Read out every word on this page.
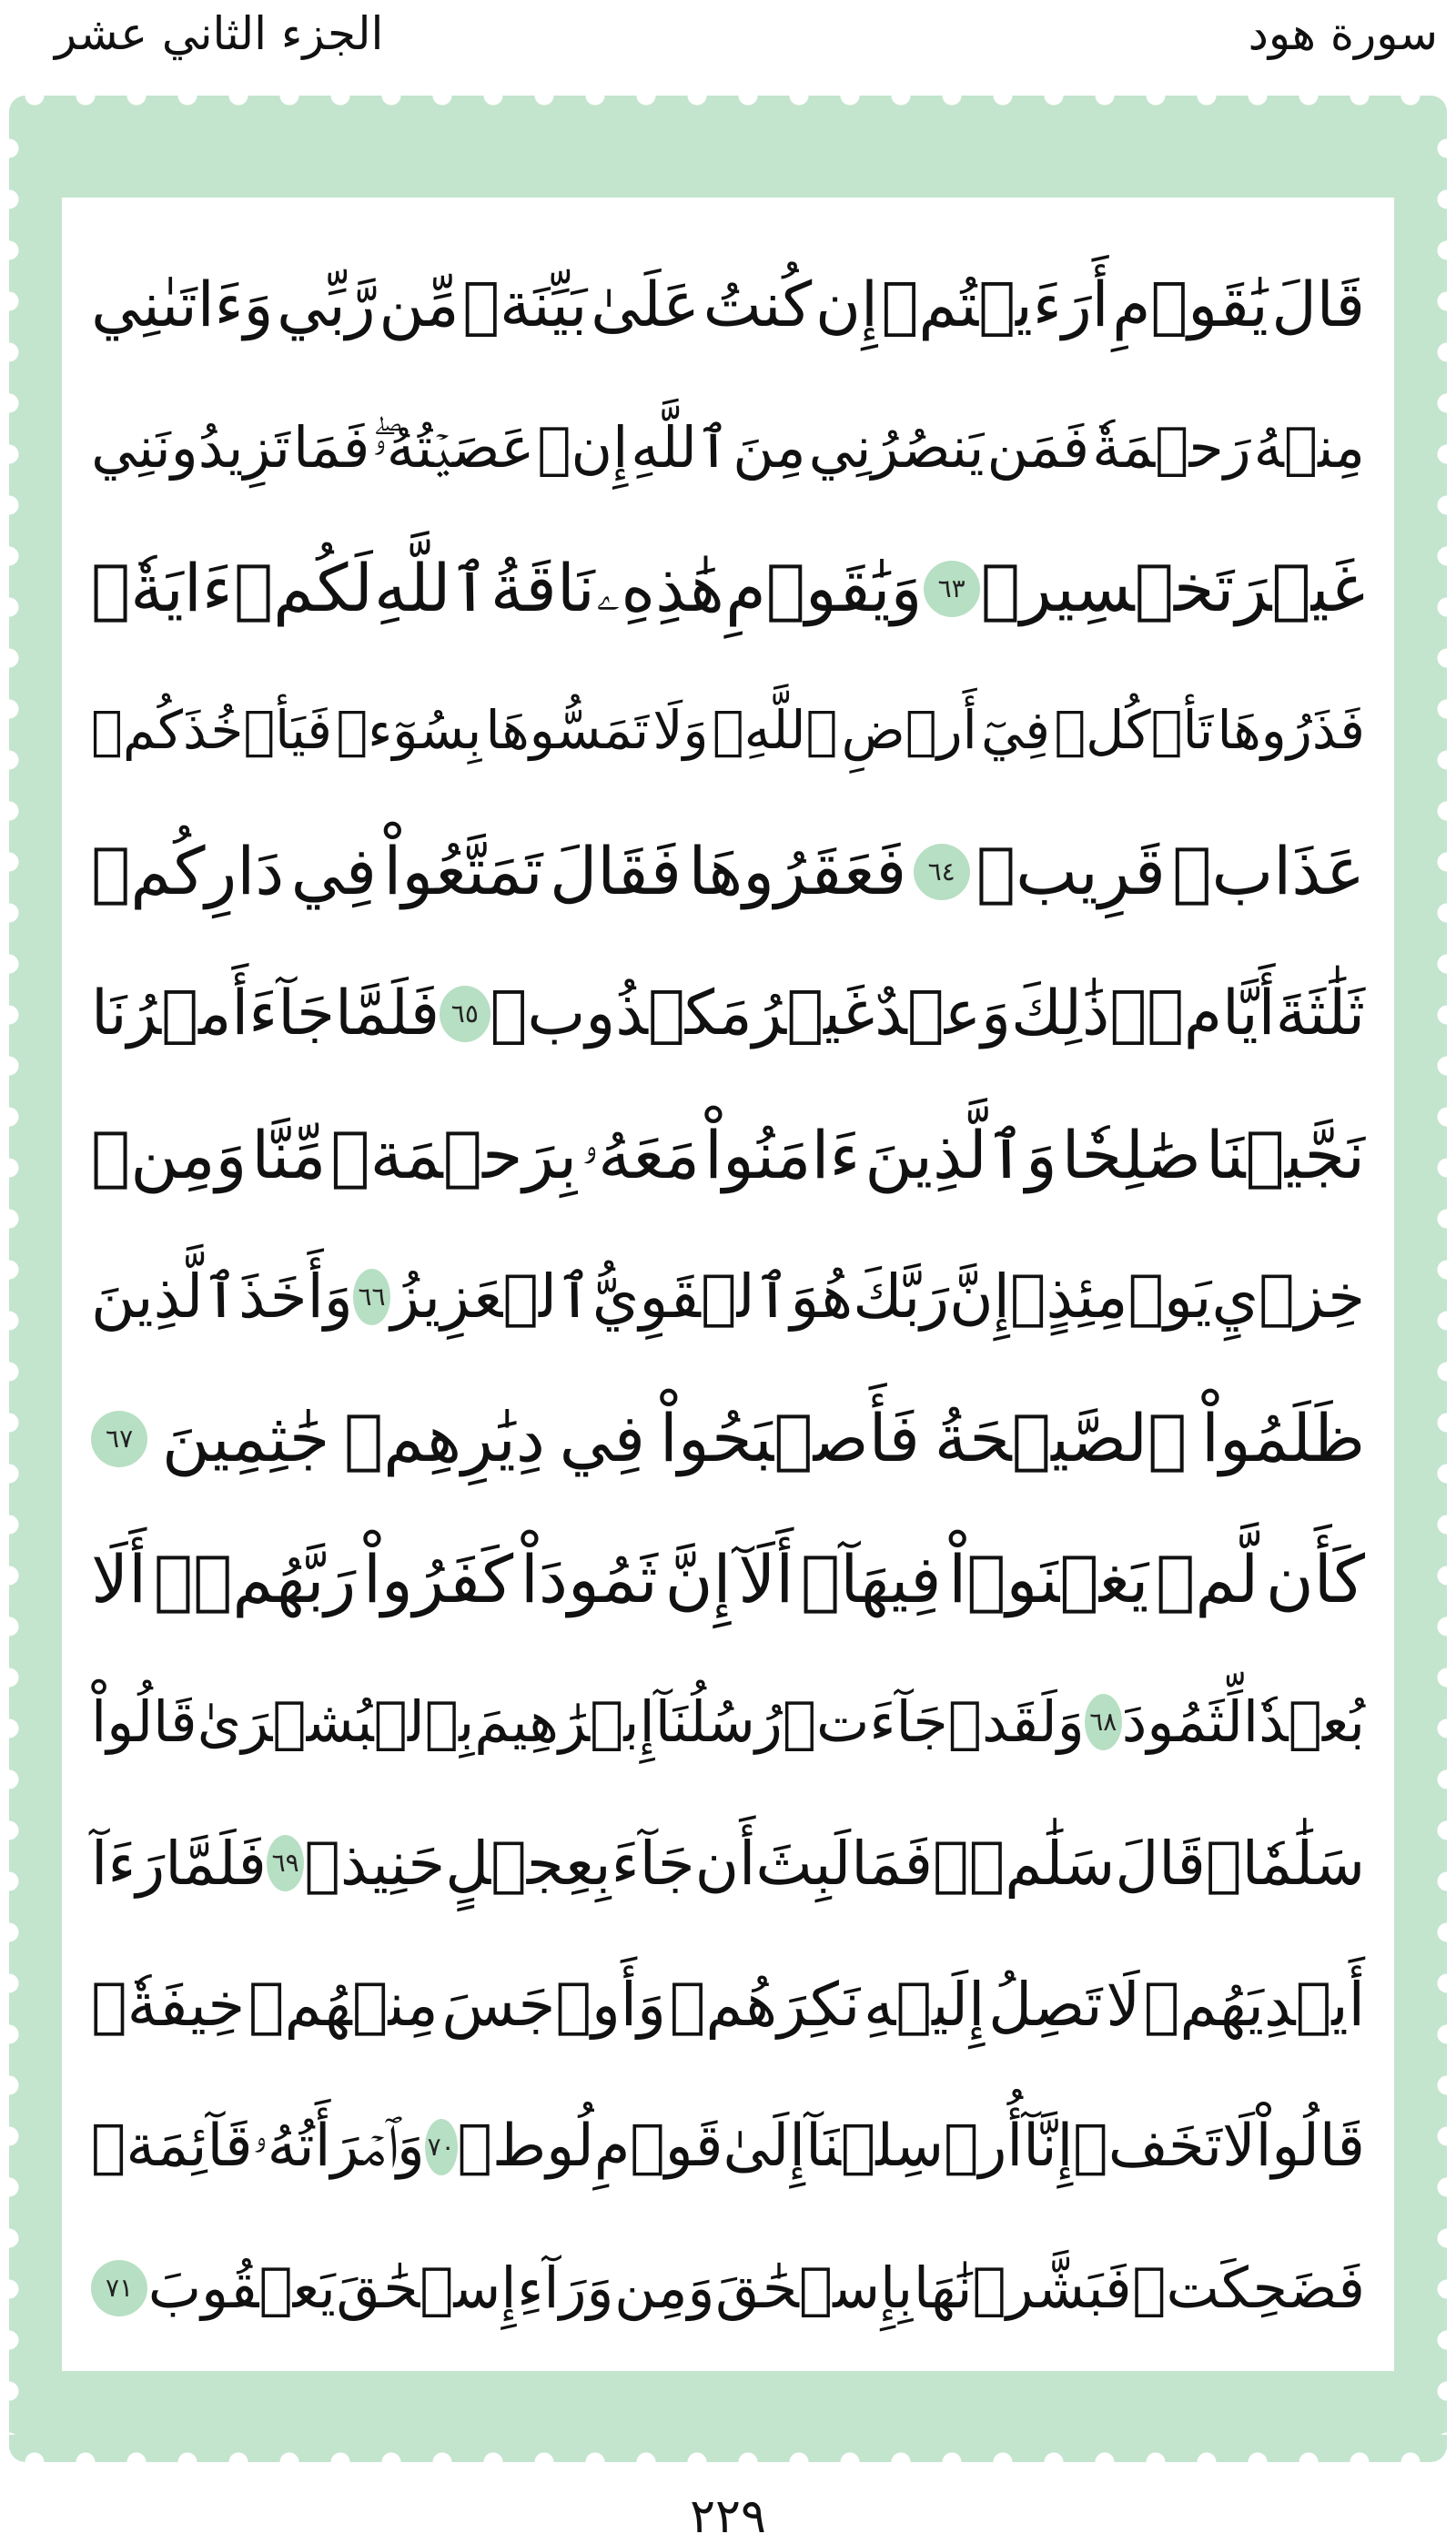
الجزء الثاني عشر	سورة هود
قَالَ
يَٰقَوۡمِ
أَرَءَيۡتُمۡ
إِن
كُنتُ
عَلَىٰ
بَيِّنَةٖ
مِّن
رَّبِّي
وَءَاتَىٰنِي
مِنۡهُ
رَحۡمَةٗ
فَمَن
يَنصُرُنِي
مِنَ
ٱللَّهِ
إِنۡ
عَصَيۡتُهُۥۖ
فَمَا
تَزِيدُونَنِي
غَيۡرَ
تَخۡسِيرٖ
٦٣
وَيَٰقَوۡمِ
هَٰذِهِۦ
نَاقَةُ
ٱللَّهِ
لَكُمۡ
ءَايَةٗۖ
فَذَرُوهَا
تَأۡكُلۡ
فِيٓ
أَرۡضِ
ٱللَّهِۖ
وَلَا
تَمَسُّوهَا
بِسُوٓءٖ
فَيَأۡخُذَكُمۡ
عَذَابٞ
قَرِيبٞ
٦٤
فَعَقَرُوهَا
فَقَالَ
تَمَتَّعُواْ
فِي
دَارِكُمۡ
ثَلَٰثَةَ
أَيَّامٖۖ
ذَٰلِكَ
وَعۡدٌ
غَيۡرُ
مَكۡذُوبٖ
٦٥
فَلَمَّا
جَآءَ
أَمۡرُنَا
نَجَّيۡنَا
صَٰلِحٗا
وَٱلَّذِينَ
ءَامَنُواْ
مَعَهُۥ
بِرَحۡمَةٖ
مِّنَّا
وَمِنۡ
خِزۡيِ
يَوۡمِئِذٍۚ
إِنَّ
رَبَّكَ
هُوَ
ٱلۡقَوِيُّ
ٱلۡعَزِيزُ
٦٦
وَأَخَذَ
ٱلَّذِينَ
ظَلَمُواْ
ٱلصَّيۡحَةُ
فَأَصۡبَحُواْ
فِي
دِيَٰرِهِمۡ
جَٰثِمِينَ
٦٧
كَأَن
لَّمۡ
يَغۡنَوۡاْ
فِيهَآۗ
أَلَآ
إِنَّ
ثَمُودَاْ
كَفَرُواْ
رَبَّهُمۡۗ
أَلَا
بُعۡدٗا
لِّثَمُودَ
٦٨
وَلَقَدۡ
جَآءَتۡ
رُسُلُنَآ
إِبۡرَٰهِيمَ
بِٱلۡبُشۡرَىٰ
قَالُواْ
سَلَٰمٗاۖ
قَالَ
سَلَٰمٞۖ
فَمَا
لَبِثَ
أَن
جَآءَ
بِعِجۡلٍ
حَنِيذٖ
٦٩
فَلَمَّا
رَءَآ
أَيۡدِيَهُمۡ
لَا
تَصِلُ
إِلَيۡهِ
نَكِرَهُمۡ
وَأَوۡجَسَ
مِنۡهُمۡ
خِيفَةٗۚ
قَالُواْ
لَا
تَخَفۡ
إِنَّآ
أُرۡسِلۡنَآ
إِلَىٰ
قَوۡمِ
لُوطٖ
٧٠
وَٱمۡرَأَتُهُۥ
قَآئِمَةٞ
فَضَحِكَتۡ
فَبَشَّرۡنَٰهَا
بِإِسۡحَٰقَ
وَمِن
وَرَآءِ
إِسۡحَٰقَ
يَعۡقُوبَ
٧١
٢٢٩
